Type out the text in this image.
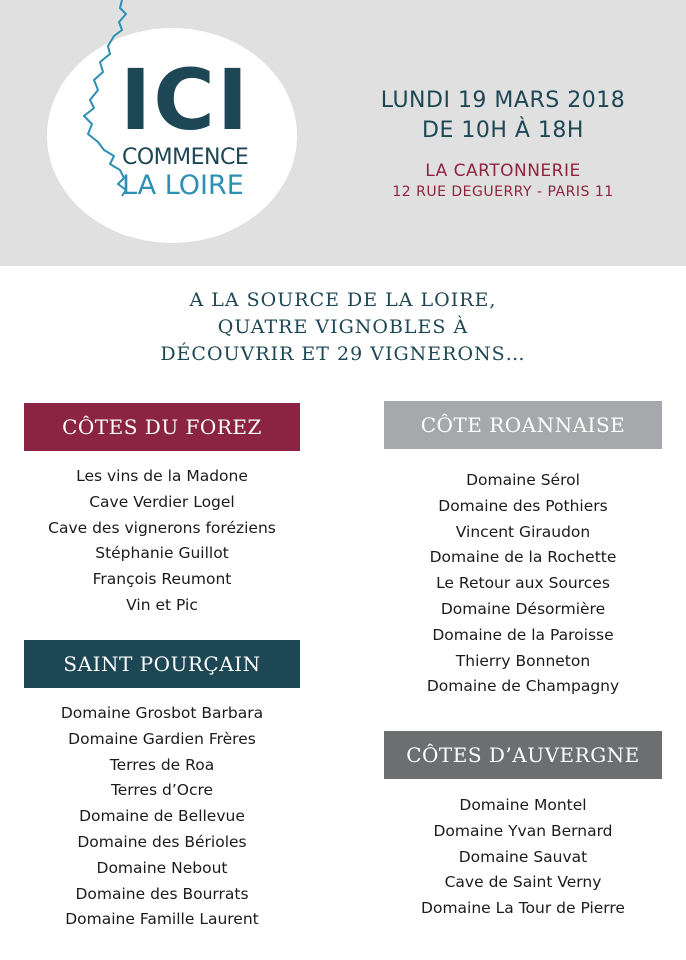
ICI
COMMENCE
LA LOIRE
LUNDI 19 MARS 2018
DE 10H À 18H
LA CARTONNERIE
12 RUE DEGUERRY - PARIS 11
A LA SOURCE DE LA LOIRE,
QUATRE VIGNOBLES À
DÉCOUVRIR ET 29 VIGNERONS…
CÔTES DU FOREZ
Les vins de la Madone
Cave Verdier Logel
Cave des vignerons foréziens
Stéphanie Guillot
François Reumont
Vin et Pic
SAINT POURÇAIN
Domaine Grosbot Barbara
Domaine Gardien Frères
Terres de Roa
Terres d’Ocre
Domaine de Bellevue
Domaine des Bérioles
Domaine Nebout
Domaine des Bourrats
Domaine Famille Laurent
CÔTE ROANNAISE
Domaine Sérol
Domaine des Pothiers
Vincent Giraudon
Domaine de la Rochette
Le Retour aux Sources
Domaine Désormière
Domaine de la Paroisse
Thierry Bonneton
Domaine de Champagny
CÔTES D’AUVERGNE
Domaine Montel
Domaine Yvan Bernard
Domaine Sauvat
Cave de Saint Verny
Domaine La Tour de Pierre
